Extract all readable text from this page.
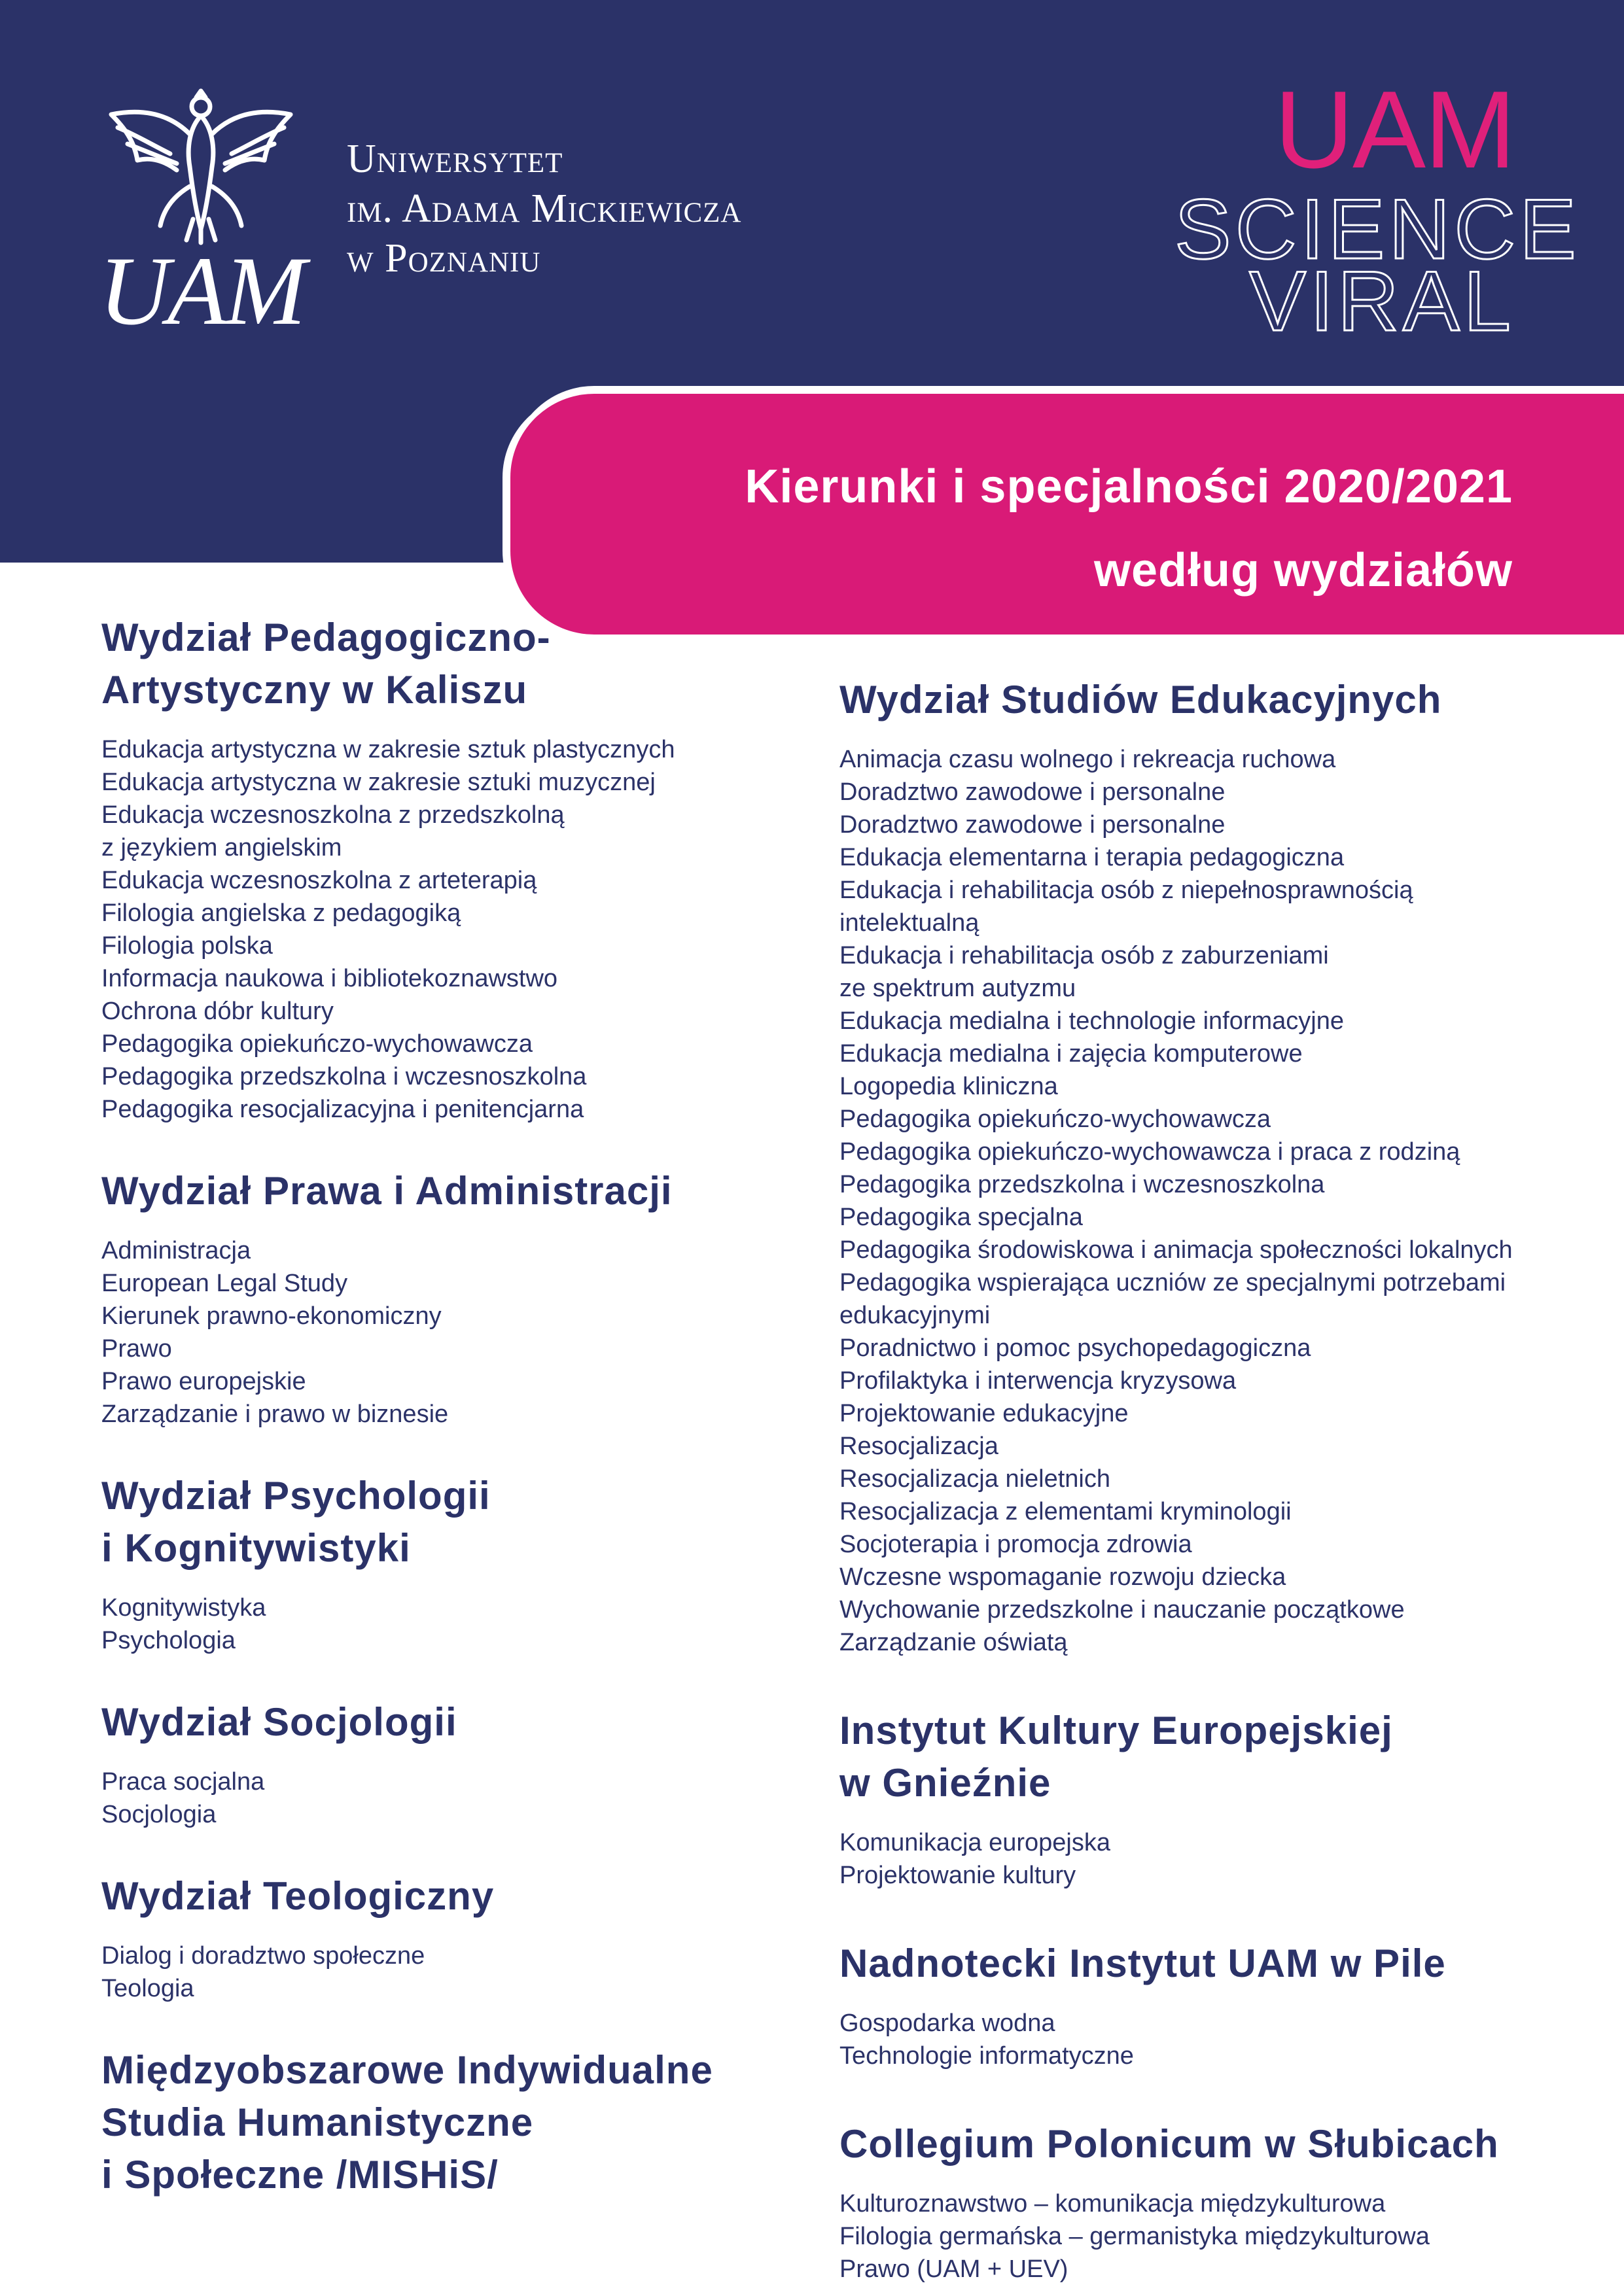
UAM
Uniwersytet
im. Adama Mickiewicza
w Poznaniu
UAM
SCIENCE
VIRAL
Kierunki i specjalności 2020/2021
według wydziałów
Wydział Pedagogiczno-
Artystyczny w Kaliszu
Edukacja artystyczna w zakresie sztuk plastycznych
Edukacja artystyczna w zakresie sztuki muzycznej
Edukacja wczesnoszkolna z przedszkolną
z językiem angielskim
Edukacja wczesnoszkolna z arteterapią
Filologia angielska z pedagogiką
Filologia polska
Informacja naukowa i bibliotekoznawstwo
Ochrona dóbr kultury
Pedagogika opiekuńczo-wychowawcza
Pedagogika przedszkolna i wczesnoszkolna
Pedagogika resocjalizacyjna i penitencjarna
Wydział Prawa i Administracji
Administracja
European Legal Study
Kierunek prawno-ekonomiczny
Prawo
Prawo europejskie
Zarządzanie i prawo w biznesie
Wydział Psychologii
i Kognitywistyki
Kognitywistyka
Psychologia
Wydział Socjologii
Praca socjalna
Socjologia
Wydział Teologiczny
Dialog i doradztwo społeczne
Teologia
Międzyobszarowe Indywidualne
Studia Humanistyczne
i Społeczne /MISHiS/
Wydział Studiów Edukacyjnych
Animacja czasu wolnego i rekreacja ruchowa
Doradztwo zawodowe i personalne
Doradztwo zawodowe i personalne
Edukacja elementarna i terapia pedagogiczna
Edukacja i rehabilitacja osób z niepełnosprawnością
intelektualną
Edukacja i rehabilitacja osób z zaburzeniami
ze spektrum autyzmu
Edukacja medialna i technologie informacyjne
Edukacja medialna i zajęcia komputerowe
Logopedia kliniczna
Pedagogika opiekuńczo-wychowawcza
Pedagogika opiekuńczo-wychowawcza i praca z rodziną
Pedagogika przedszkolna i wczesnoszkolna
Pedagogika specjalna
Pedagogika środowiskowa i animacja społeczności lokalnych
Pedagogika wspierająca uczniów ze specjalnymi potrzebami
edukacyjnymi
Poradnictwo i pomoc psychopedagogiczna
Profilaktyka i interwencja kryzysowa
Projektowanie edukacyjne
Resocjalizacja
Resocjalizacja nieletnich
Resocjalizacja z elementami kryminologii
Socjoterapia i promocja zdrowia
Wczesne wspomaganie rozwoju dziecka
Wychowanie przedszkolne i nauczanie początkowe
Zarządzanie oświatą
Instytut Kultury Europejskiej
w Gnieźnie
Komunikacja europejska
Projektowanie kultury
Nadnotecki Instytut UAM w Pile
Gospodarka wodna
Technologie informatyczne
Collegium Polonicum w Słubicach
Kulturoznawstwo – komunikacja międzykulturowa
Filologia germańska – germanistyka międzykulturowa
Prawo (UAM + UEV)
